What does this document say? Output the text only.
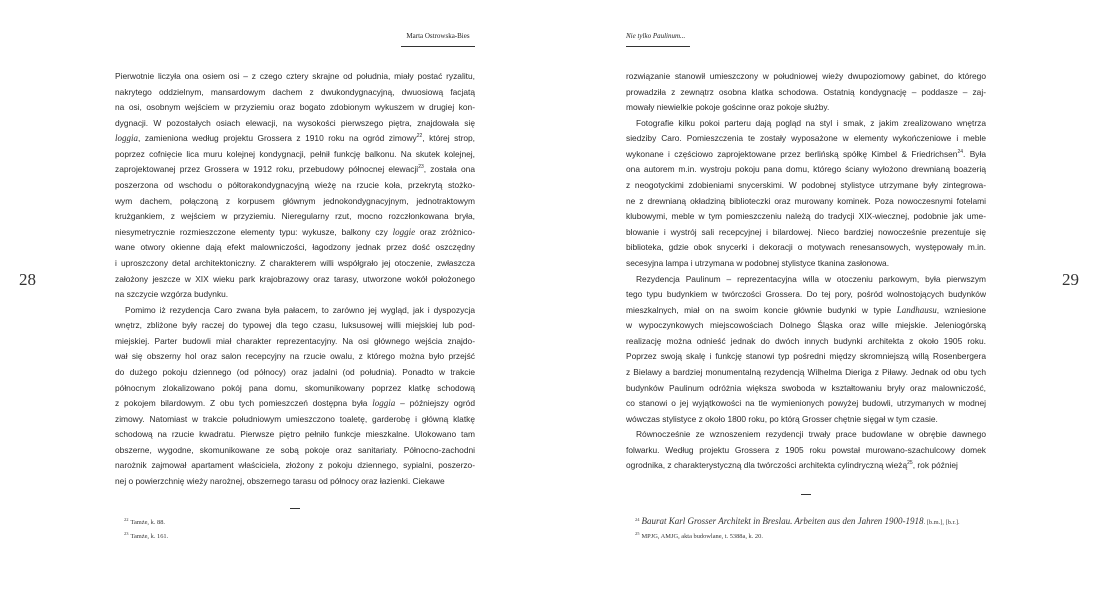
Marta Ostrowska-Bies
28
Pierwotnie liczyła ona osiem osi – z czego cztery skrajne od południa, miały postać ryzalitu,
nakrytego oddzielnym, mansardowym dachem z dwukondygnacyjną, dwuosiową facjatą
na osi, osobnym wejściem w przyziemiu oraz bogato zdobionym wykuszem w drugiej kon-
dygnacji. W pozostałych osiach elewacji, na wysokości pierwszego piętra, znajdowała się
loggia, zamieniona według projektu Grossera z 1910 roku na ogród zimowy$^{22}$, której strop,
poprzez cofnięcie lica muru kolejnej kondygnacji, pełnił funkcję balkonu. Na skutek kolejnej,
zaprojektowanej przez Grossera w 1912 roku, przebudowy północnej elewacji$^{23}$, została ona
poszerzona od wschodu o półtorakondygnacyjną wieżę na rzucie koła, przekrytą stożko-
wym dachem, połączoną z korpusem głównym jednokondygnacyjnym, jednotraktowym
krużgankiem, z wejściem w przyziemiu. Nieregularny rzut, mocno rozczłonkowana bryła,
niesymetrycznie rozmieszczone elementy typu: wykusze, balkony czy loggie oraz zróżnico-
wane otwory okienne dają efekt malowniczości, łagodzony jednak przez dość oszczędny
i uproszczony detal architektoniczny. Z charakterem willi współgrało jej otoczenie, zwłaszcza
założony jeszcze w XIX wieku park krajobrazowy oraz tarasy, utworzone wokół położonego
na szczycie wzgórza budynku.
Pomimo iż rezydencja Caro zwana była pałacem, to zarówno jej wygląd, jak i dyspozycja
wnętrz, zbliżone były raczej do typowej dla tego czasu, luksusowej willi miejskiej lub pod-
miejskiej. Parter budowli miał charakter reprezentacyjny. Na osi głównego wejścia znajdo-
wał się obszerny hol oraz salon recepcyjny na rzucie owalu, z którego można było przejść
do dużego pokoju dziennego (od północy) oraz jadalni (od południa). Ponadto w trakcie
północnym zlokalizowano pokój pana domu, skomunikowany poprzez klatkę schodową
z pokojem bilardowym. Z obu tych pomieszczeń dostępna była loggia – późniejszy ogród
zimowy. Natomiast w trakcie południowym umieszczono toaletę, garderobę i główną klatkę
schodową na rzucie kwadratu. Pierwsze piętro pełniło funkcje mieszkalne. Ulokowano tam
obszerne, wygodne, skomunikowane ze sobą pokoje oraz sanitariaty. Północno-zachodni
narożnik zajmował apartament właściciela, złożony z pokoju dziennego, sypialni, poszerzo-
nej o powierzchnię wieży narożnej, obszernego tarasu od północy oraz łazienki. Ciekawe
$^{22}$ Tamże, k. 88.
$^{23}$ Tamże, k. 161.
Nie tylko Paulinum...
29
rozwiązanie stanowił umieszczony w południowej wieży dwupoziomowy gabinet, do którego
prowadziła z zewnątrz osobna klatka schodowa. Ostatnią kondygnację – poddasze – zaj-
mowały niewielkie pokoje gościnne oraz pokoje służby.
Fotografie kilku pokoi parteru dają pogląd na styl i smak, z jakim zrealizowano wnętrza
siedziby Caro. Pomieszczenia te zostały wyposażone w elementy wykończeniowe i meble
wykonane i częściowo zaprojektowane przez berlińską spółkę Kimbel & Friedrichsen$^{24}$. Była
ona autorem m.in. wystroju pokoju pana domu, którego ściany wyłożono drewnianą boazerią
z neogotyckimi zdobieniami snycerskimi. W podobnej stylistyce utrzymane były zintegrowa-
ne z drewnianą okładziną biblioteczki oraz murowany kominek. Poza nowoczesnymi fotelami
klubowymi, meble w tym pomieszczeniu należą do tradycji XIX-wiecznej, podobnie jak ume-
blowanie i wystrój sali recepcyjnej i bilardowej. Nieco bardziej nowocześnie prezentuje się
biblioteka, gdzie obok snycerki i dekoracji o motywach renesansowych, występowały m.in.
secesyjna lampa i utrzymana w podobnej stylistyce tkanina zasłonowa.
Rezydencja Paulinum – reprezentacyjna willa w otoczeniu parkowym, była pierwszym
tego typu budynkiem w twórczości Grossera. Do tej pory, pośród wolnostojących budynków
mieszkalnych, miał on na swoim koncie głównie budynki w typie Landhausu, wzniesione
w wypoczynkowych miejscowościach Dolnego Śląska oraz wille miejskie. Jeleniogórską
realizację można odnieść jednak do dwóch innych budynki architekta z około 1905 roku.
Poprzez swoją skalę i funkcję stanowi typ pośredni między skromniejszą willą Rosenbergera
z Bielawy a bardziej monumentalną rezydencją Wilhelma Dieriga z Piławy. Jednak od obu tych
budynków Paulinum odróżnia większa swoboda w kształtowaniu bryły oraz malowniczość,
co stanowi o jej wyjątkowości na tle wymienionych powyżej budowli, utrzymanych w modnej
wówczas stylistyce z około 1800 roku, po którą Grosser chętnie sięgał w tym czasie.
Równocześnie ze wznoszeniem rezydencji trwały prace budowlane w obrębie dawnego
folwarku. Według projektu Grossera z 1905 roku powstał murowano-szachulcowy domek
ogrodnika, z charakterystyczną dla twórczości architekta cylindryczną wieżą$^{25}$, rok później
$^{24}$ Baurat Karl Grosser Architekt in Breslau. Arbeiten aus den Jahren 1900-1918. [b.m.], [b.r.].
$^{25}$ MPJG, AMJG, akta budowlane, t. 5388a, k. 20.
